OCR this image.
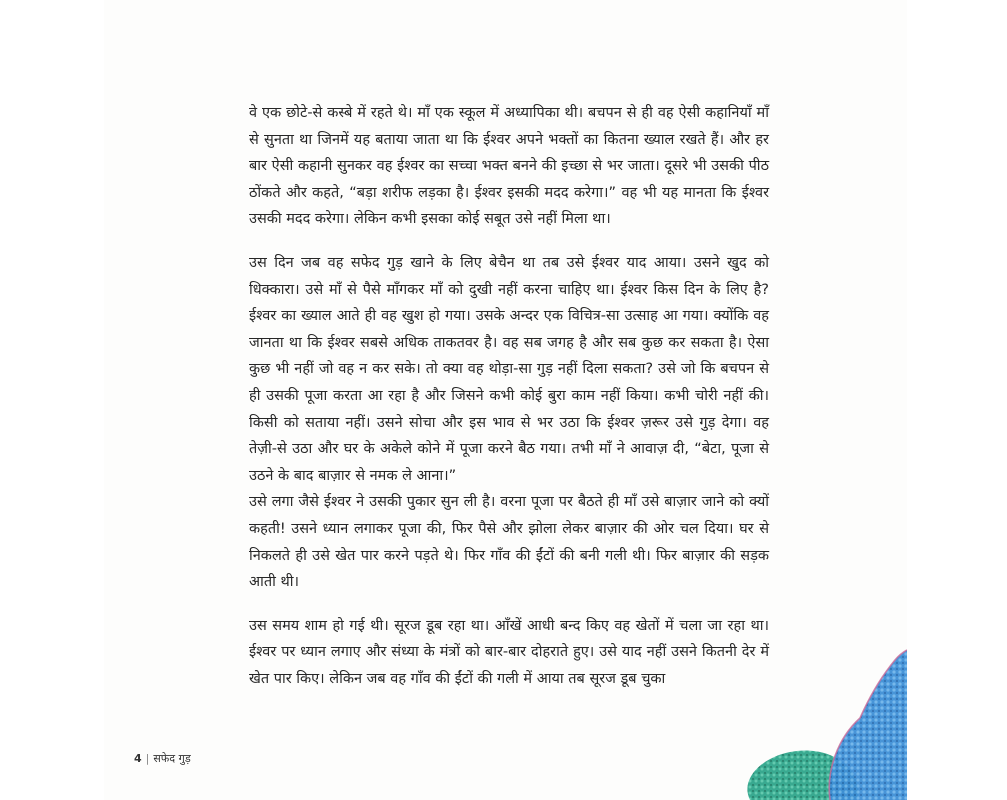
वे एक छोटे-से कस्बे में रहते थे। माँ एक स्कूल में अध्यापिका थी। बचपन से ही वह ऐसी कहानियाँ माँ से सुनता था जिनमें यह बताया जाता था कि ईश्वर अपने भक्तों का कितना ख्याल रखते हैं। और हर बार ऐसी कहानी सुनकर वह ईश्वर का सच्चा भक्त बनने की इच्छा से भर जाता। दूसरे भी उसकी पीठ ठोंकते और कहते, “बड़ा शरीफ लड़का है। ईश्वर इसकी मदद करेगा।” वह भी यह मानता कि ईश्वर उसकी मदद करेगा। लेकिन कभी इसका कोई सबूत उसे नहीं मिला था।

उस दिन जब वह सफेद गुड़ खाने के लिए बेचैन था तब उसे ईश्वर याद आया। उसने खुद को धिक्कारा। उसे माँ से पैसे माँगकर माँ को दुखी नहीं करना चाहिए था। ईश्वर किस दिन के लिए है? ईश्वर का ख्याल आते ही वह खुश हो गया। उसके अन्दर एक विचित्र-सा उत्साह आ गया। क्योंकि वह जानता था कि ईश्वर सबसे अधिक ताकतवर है। वह सब जगह है और सब कुछ कर सकता है। ऐसा कुछ भी नहीं जो वह न कर सके। तो क्या वह थोड़ा-सा गुड़ नहीं दिला सकता? उसे जो कि बचपन से ही उसकी पूजा करता आ रहा है और जिसने कभी कोई बुरा काम नहीं किया। कभी चोरी नहीं की। किसी को सताया नहीं। उसने सोचा और इस भाव से भर उठा कि ईश्वर ज़रूर उसे गुड़ देगा। वह तेज़ी-से उठा और घर के अकेले कोने में पूजा करने बैठ गया। तभी माँ ने आवाज़ दी, “बेटा, पूजा से उठने के बाद बाज़ार से नमक ले आना।”

उसे लगा जैसे ईश्वर ने उसकी पुकार सुन ली है। वरना पूजा पर बैठते ही माँ उसे बाज़ार जाने को क्यों कहती! उसने ध्यान लगाकर पूजा की, फिर पैसे और झोला लेकर बाज़ार की ओर चल दिया। घर से निकलते ही उसे खेत पार करने पड़ते थे। फिर गाँव की ईंटों की बनी गली थी। फिर बाज़ार की सड़क आती थी।

उस समय शाम हो गई थी। सूरज डूब रहा था। आँखें आधी बन्द किए वह खेतों में चला जा रहा था। ईश्वर पर ध्यान लगाए और संध्या के मंत्रों को बार-बार दोहराते हुए। उसे याद नहीं उसने कितनी देर में खेत पार किए। लेकिन जब वह गाँव की ईंटों की गली में आया तब सूरज डूब चुका

4 | सफेद गुड़
